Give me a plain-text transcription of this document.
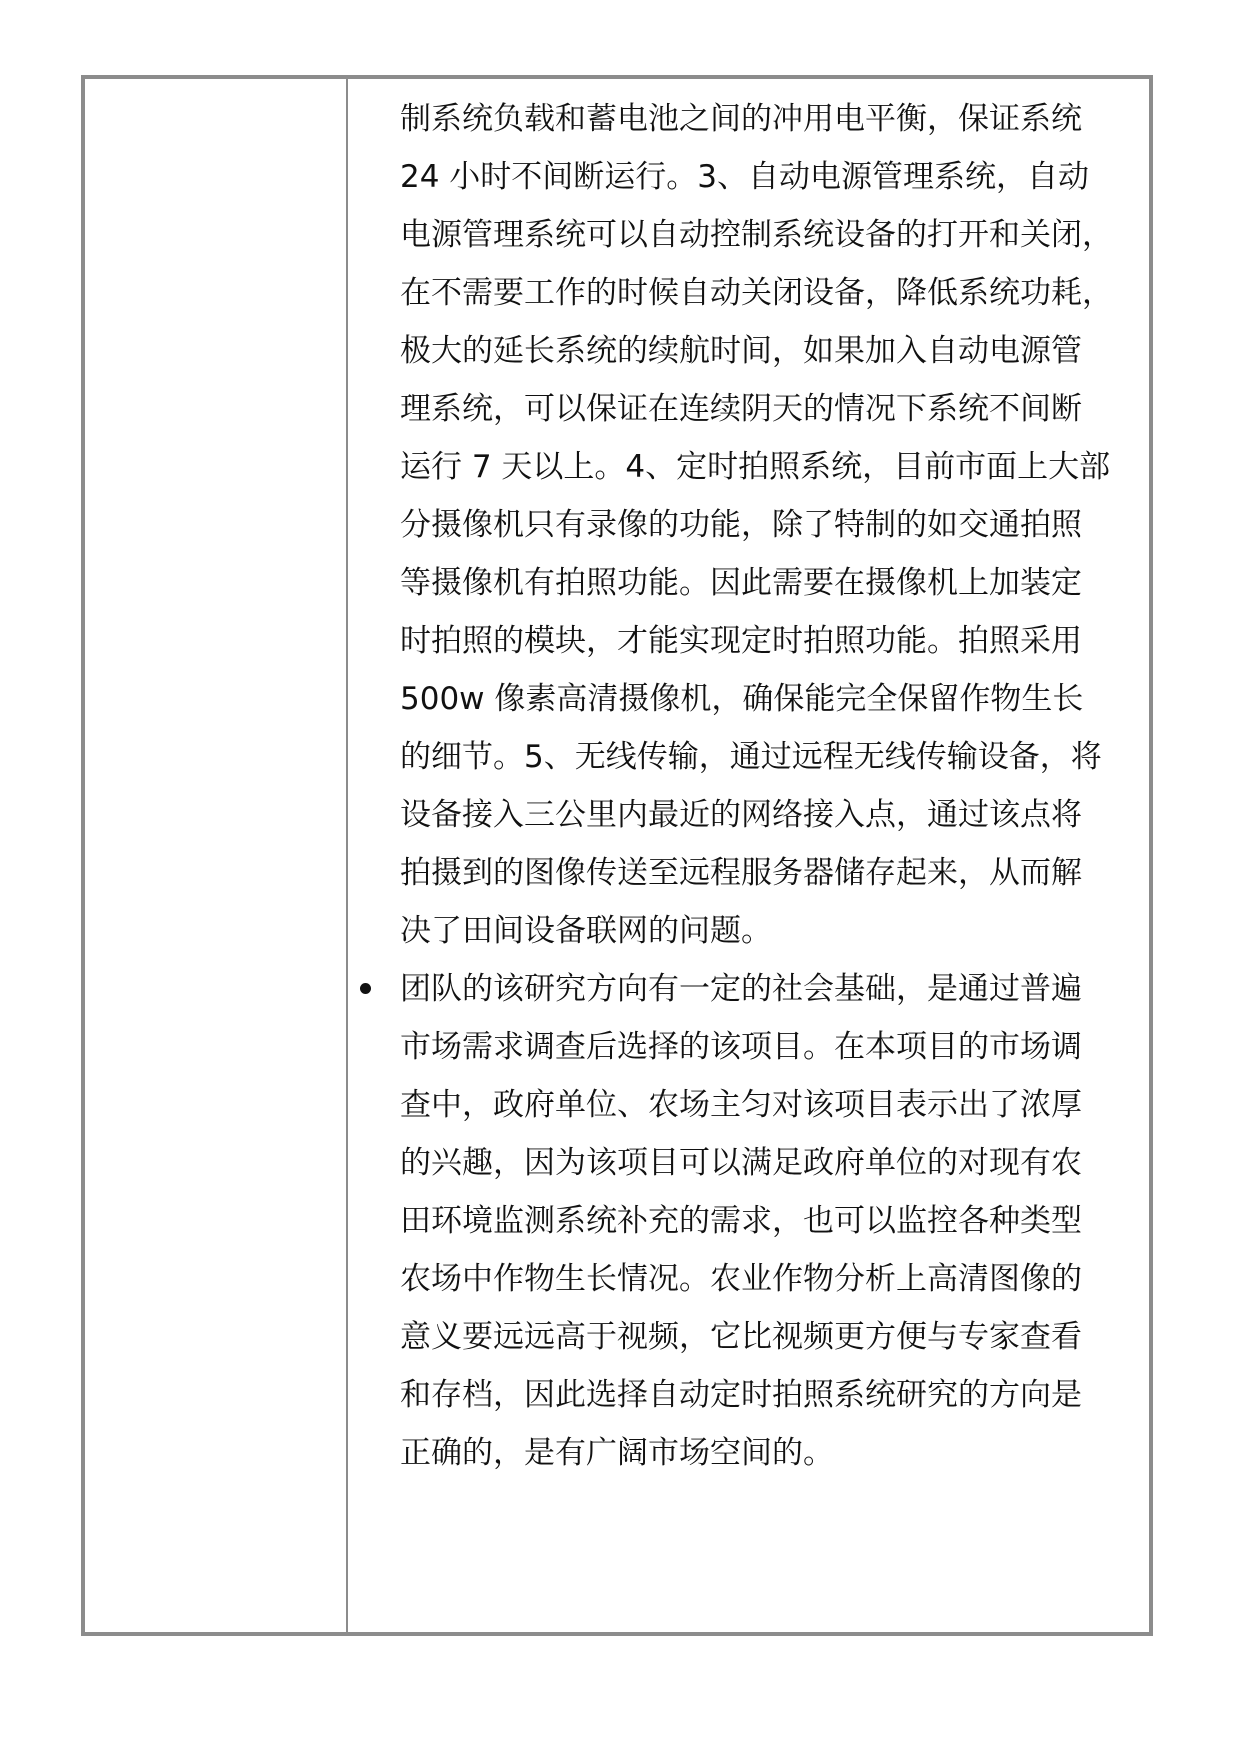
制系统负载和蓄电池之间的冲用电平衡，保证系统
24 小时不间断运行。3、自动电源管理系统，自动
电源管理系统可以自动控制系统设备的打开和关闭，
在不需要工作的时候自动关闭设备，降低系统功耗，
极大的延长系统的续航时间，如果加入自动电源管
理系统，可以保证在连续阴天的情况下系统不间断
运行 7 天以上。4、定时拍照系统，目前市面上大部
分摄像机只有录像的功能，除了特制的如交通拍照
等摄像机有拍照功能。因此需要在摄像机上加装定
时拍照的模块，才能实现定时拍照功能。拍照采用
500w 像素高清摄像机，确保能完全保留作物生长
的细节。5、无线传输，通过远程无线传输设备，将
设备接入三公里内最近的网络接入点，通过该点将
拍摄到的图像传送至远程服务器储存起来，从而解
决了田间设备联网的问题。
团队的该研究方向有一定的社会基础，是通过普遍
市场需求调查后选择的该项目。在本项目的市场调
查中，政府单位、农场主匀对该项目表示出了浓厚
的兴趣，因为该项目可以满足政府单位的对现有农
田环境监测系统补充的需求，也可以监控各种类型
农场中作物生长情况。农业作物分析上高清图像的
意义要远远高于视频，它比视频更方便与专家查看
和存档，因此选择自动定时拍照系统研究的方向是
正确的，是有广阔市场空间的。
